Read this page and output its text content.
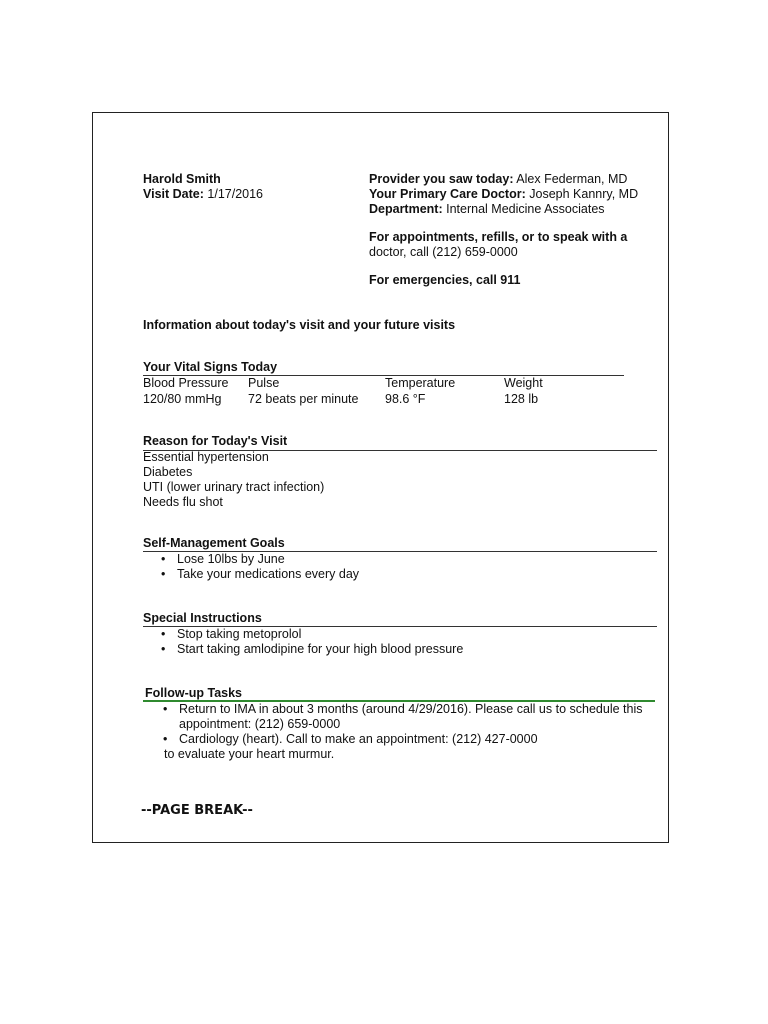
Harold Smith
Visit Date: 1/17/2016
Provider you saw today: Alex Federman, MD
Your Primary Care Doctor: Joseph Kannry, MD
Department: Internal Medicine Associates
For appointments, refills, or to speak with a
doctor, call (212) 659-0000
For emergencies, call 911
Information about today's visit and your future visits
Your Vital Signs Today
Blood Pressure Pulse	Temperature	Weight
120/80 mmHg 72 beats per minute 98.6 °F	128 lb
Reason for Today's Visit
Essential hypertension
Diabetes
UTI (lower urinary tract infection)
Needs flu shot
Self-Management Goals
• Lose 10lbs by June
• Take your medications every day
Special Instructions
• Stop taking metoprolol
• Start taking amlodipine for your high blood pressure
Follow-up Tasks
• Return to IMA in about 3 months (around 4/29/2016). Please call us to schedule this
appointment: (212) 659-0000
• Cardiology (heart). Call to make an appointment: (212) 427-0000
to evaluate your heart murmur.
--PAGE BREAK--
